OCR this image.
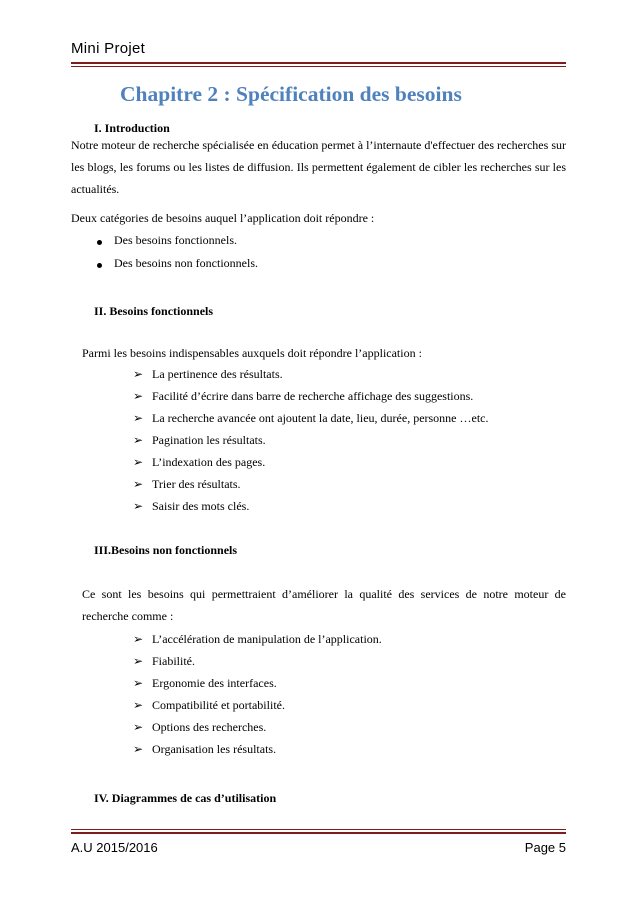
Mini Projet
Chapitre 2 : Spécification des besoins
I. Introduction
Notre moteur de recherche spécialisée en éducation permet à l’internaute d'effectuer des recherches sur les blogs, les forums ou les listes de diffusion. Ils permettent également de cibler les recherches sur les actualités.
Deux catégories de besoins auquel l’application doit répondre :
Des besoins fonctionnels.
Des besoins non fonctionnels.
II. Besoins fonctionnels
Parmi les besoins indispensables auxquels doit répondre l’application :
➢ La pertinence des résultats.
➢ Facilité d’écrire dans barre de recherche affichage des suggestions.
➢ La recherche avancée ont ajoutent la date, lieu, durée, personne …etc.
➢ Pagination les résultats.
➢ L’indexation des pages.
➢ Trier des résultats.
➢ Saisir des mots clés.
III.Besoins non fonctionnels
Ce sont les besoins qui permettraient d’améliorer la qualité des services de notre moteur de recherche comme :
➢ L’accélération de manipulation de l’application.
➢ Fiabilité.
➢ Ergonomie des interfaces.
➢ Compatibilité et portabilité.
➢ Options des recherches.
➢ Organisation les résultats.
IV. Diagrammes de cas d’utilisation
A.U 2015/2016	Page 5
